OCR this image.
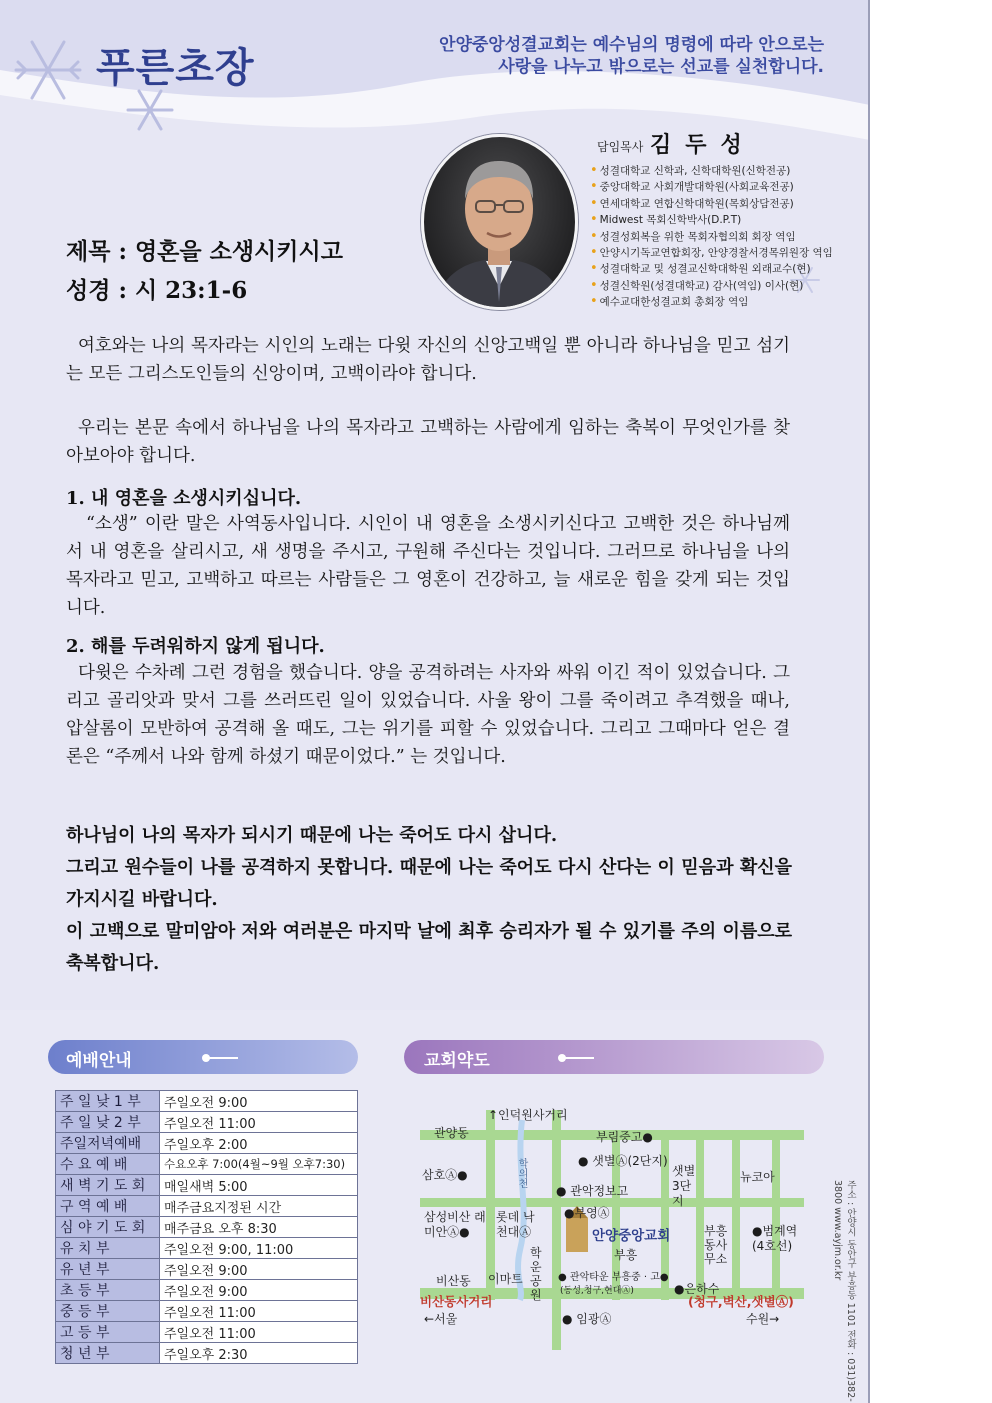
푸른초장	안양중앙성결교회는 예수님의 명령에 따라 안으로는
사랑을 나누고 밖으로는 선교를 실천합니다.
담임목사 김두성
• 성결대학교 신학과, 신학대학원(신학전공)
• 중앙대학교 사회개발대학원(사회교육전공)
• 연세대학교 연합신학대학원(목회상담전공)
• Midwest 목회신학박사(D.P.T)
• 성결성회복을 위한 목회자협의회 회장 역임
• 안양시기독교연합회장, 안양경찰서경목위원장 역임
• 성결대학교 및 성결교신학대학원 외래교수(현)
• 성결신학원(성결대학교) 감사(역임) 이사(현)
• 예수교대한성결교회 총회장 역임
제목 : 영혼을 소생시키시고
성경 : 시 23:1-6

여호와는 나의 목자라는 시인의 노래는 다윗 자신의 신앙고백일 뿐 아니라 하나님을 믿고 섬기는 모든 그리스도인들의 신앙이며, 고백이라야 합니다.

우리는 본문 속에서 하나님을 나의 목자라고 고백하는 사람에게 임하는 축복이 무엇인가를 찾아보아야 합니다.

1. 내 영혼을 소생시키십니다.

“소생” 이란 말은 사역동사입니다. 시인이 내 영혼을 소생시키신다고 고백한 것은 하나님께서 내 영혼을 살리시고, 새 생명을 주시고, 구원해 주신다는 것입니다. 그러므로 하나님을 나의 목자라고 믿고, 고백하고 따르는 사람들은 그 영혼이 건강하고, 늘 새로운 힘을 갖게 되는 것입니다.

2. 해를 두려워하지 않게 됩니다.

다윗은 수차례 그런 경험을 했습니다. 양을 공격하려는 사자와 싸워 이긴 적이 있었습니다. 그리고 골리앗과 맞서 그를 쓰러뜨린 일이 있었습니다. 사울 왕이 그를 죽이려고 추격했을 때나, 압살롬이 모반하여 공격해 올 때도, 그는 위기를 피할 수 있었습니다. 그리고 그때마다 얻은 결론은 “주께서 나와 함께 하셨기 때문이었다.” 는 것입니다.

하나님이 나의 목자가 되시기 때문에 나는 죽어도 다시 삽니다.
그리고 원수들이 나를 공격하지 못합니다. 때문에 나는 죽어도 다시 산다는 이 믿음과 확신을 가지시길 바랍니다.
이 고백으로 말미암아 저와 여러분은 마지막 날에 최후 승리자가 될 수 있기를 주의 이름으로 축복합니다.
예배안내
주 일 낮 1 부	주일오전 9:00
주 일 낮 2 부	주일오전 11:00
주일저녁예배	주일오후 2:00
수 요 예 배	수요오후 7:00(4월~9월 오후7:30)
새 벽 기 도 회	매일새벽 5:00
구 역 예 배	매주금요지정된 시간
심 야 기 도 회	매주금요 오후 8:30
유 치 부	주일오전 9:00, 11:00
유 년 부	주일오전 9:00
초 등 부	주일오전 9:00
중 등 부	주일오전 11:00
고 등 부	주일오전 11:00
청 년 부	주일오후 2:30
교회약도
관양동
↑인덕원사거리
부림중고●
삼호Ⓐ●	학의천	● 샛별Ⓐ(2단지)
샛별 3단지
뉴코아
● 관악정보고
삼성비산 래미안Ⓐ●
롯데 낙천대Ⓐ
●부영Ⓐ
안양중앙교회
부흥
부흥 동사 무소
●범계역 (4호선)
학운 공원
비산동 이마트	● 관악타운 부흥중 · 고●
(동성,청구,현대Ⓐ)	●은하수
비산동사거리	(청구,벽산,샛별Ⓐ)
←서울	● 임광Ⓐ	수원→	주소 : 안양시 동안구 부흥동 1101 전화 : 031)382-3800 www.ayjm.or.kr
